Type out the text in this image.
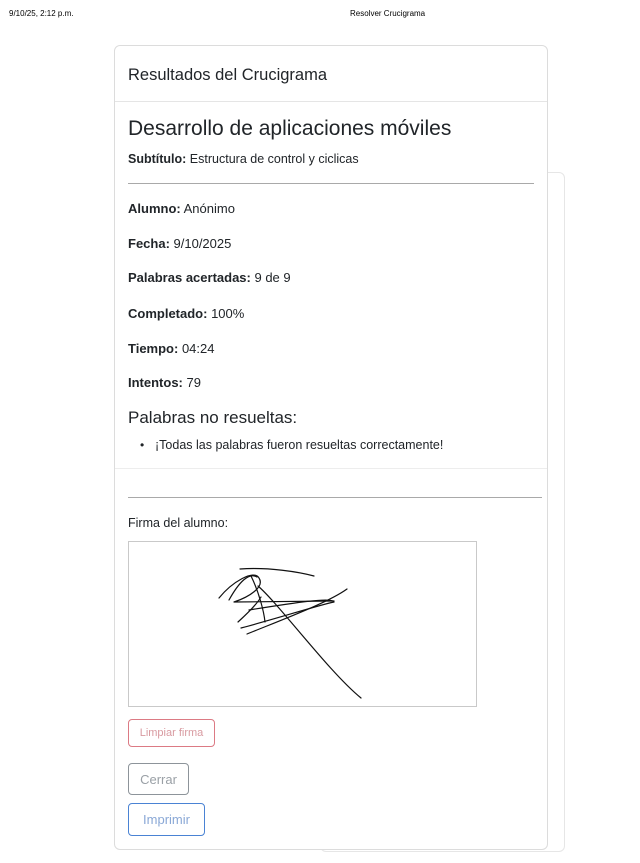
9/10/25, 2:12 p.m.	Resolver Crucigrama
Resultados del Crucigrama
Desarrollo de aplicaciones móviles
Subtítulo: Estructura de control y ciclicas
Alumno: Anónimo
Fecha: 9/10/2025
Palabras acertadas: 9 de 9
Completado: 100%
Tiempo: 04:24
Intentos: 79
Palabras no resueltas:
• ¡Todas las palabras fueron resueltas correctamente!
Firma del alumno:
Limpiar firma
Cerrar
Imprimir
